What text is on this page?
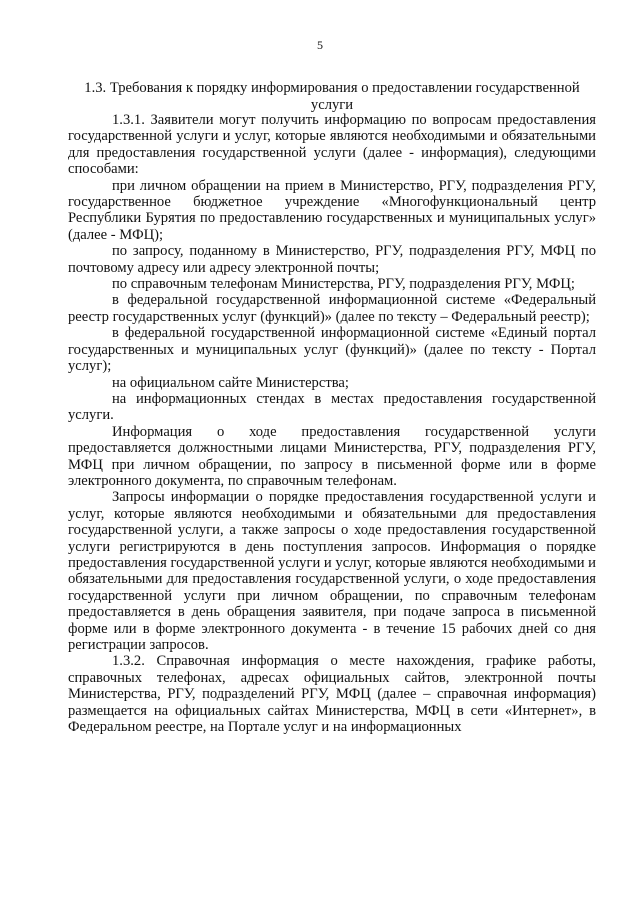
5
1.3. Требования к порядку информирования о предоставлении государственной услуги

1.3.1. Заявители могут получить информацию по вопросам предоставления государственной услуги и услуг, которые являются необходимыми и обязательными для предоставления государственной услуги (далее - информация), следующими способами:

при личном обращении на прием в Министерство, РГУ, подразделения РГУ, государственное бюджетное учреждение «Многофункциональный центр Республики Бурятия по предоставлению государственных и муниципальных услуг» (далее - МФЦ);

по запросу, поданному в Министерство, РГУ, подразделения РГУ, МФЦ по почтовому адресу или адресу электронной почты;

по справочным телефонам Министерства, РГУ, подразделения РГУ, МФЦ;

в федеральной государственной информационной системе «Федеральный реестр государственных услуг (функций)» (далее по тексту – Федеральный реестр);

в федеральной государственной информационной системе «Единый портал государственных и муниципальных услуг (функций)» (далее по тексту - Портал услуг);

на официальном сайте Министерства;

на информационных стендах в местах предоставления государственной услуги.

Информация о ходе предоставления государственной услуги предоставляется должностными лицами Министерства, РГУ, подразделения РГУ, МФЦ при личном обращении, по запросу в письменной форме или в форме электронного документа, по справочным телефонам.

Запросы информации о порядке предоставления государственной услуги и услуг, которые являются необходимыми и обязательными для предоставления государственной услуги, а также запросы о ходе предоставления государственной услуги регистрируются в день поступления запросов. Информация о порядке предоставления государственной услуги и услуг, которые являются необходимыми и обязательными для предоставления государственной услуги, о ходе предоставления государственной услуги при личном обращении, по справочным телефонам предоставляется в день обращения заявителя, при подаче запроса в письменной форме или в форме электронного документа - в течение 15 рабочих дней со дня регистрации запросов.

1.3.2. Справочная информация о месте нахождения, графике работы, справочных телефонах, адресах официальных сайтов, электронной почты Министерства, РГУ, подразделений РГУ, МФЦ (далее – справочная информация) размещается на официальных сайтах Министерства, МФЦ в сети «Интернет», в Федеральном реестре, на Портале услуг и на информационных
